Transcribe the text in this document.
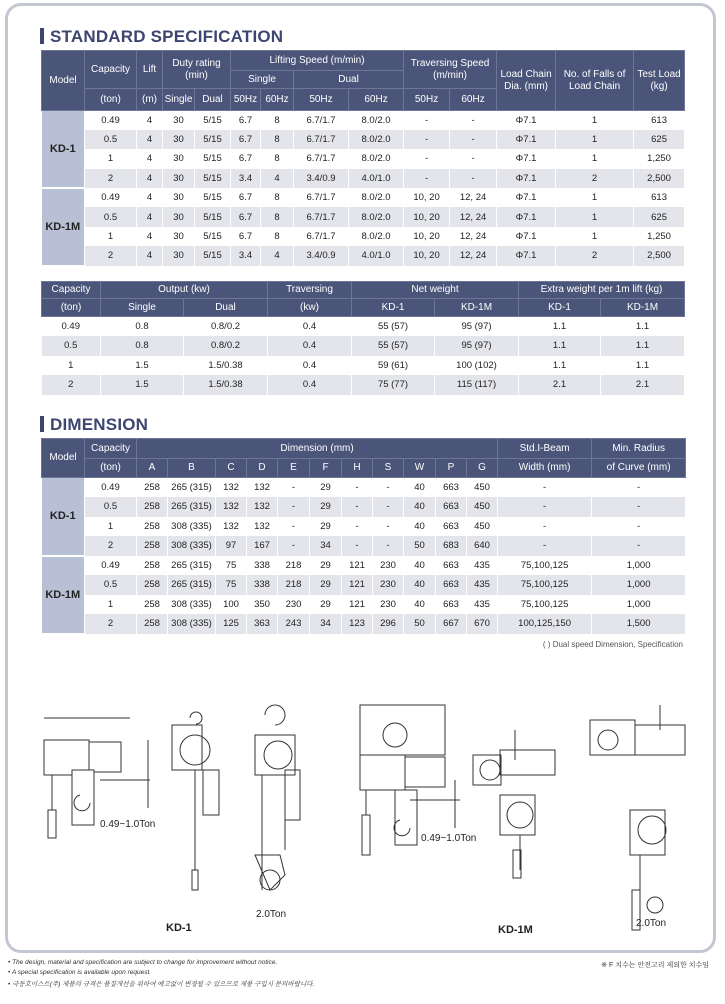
STANDARD SPECIFICATION
Model	Capacity	Lift	Duty rating (min)		Lifting Speed (m/min)				Traversing Speed (m/min)		Load Chain Dia. (mm)	No. of Falls of Load Chain	Test Load (kg)
					Single		Dual						
	(ton)	(m)	Single	Dual	50Hz	60Hz	50Hz	60Hz	50Hz	60Hz			
KD-1	0.49	4	30	5/15	6.7	8	6.7/1.7	8.0/2.0	-	-	Φ7.1	1	613
	0.5	4	30	5/15	6.7	8	6.7/1.7	8.0/2.0	-	-	Φ7.1	1	625
	1	4	30	5/15	6.7	8	6.7/1.7	8.0/2.0	-	-	Φ7.1	1	1,250
	2	4	30	5/15	3.4	4	3.4/0.9	4.0/1.0	-	-	Φ7.1	2	2,500
KD-1M	0.49	4	30	5/15	6.7	8	6.7/1.7	8.0/2.0	10, 20	12, 24	Φ7.1	1	613
	0.5	4	30	5/15	6.7	8	6.7/1.7	8.0/2.0	10, 20	12, 24	Φ7.1	1	625
	1	4	30	5/15	6.7	8	6.7/1.7	8.0/2.0	10, 20	12, 24	Φ7.1	1	1,250
	2	4	30	5/15	3.4	4	3.4/0.9	4.0/1.0	10, 20	12, 24	Φ7.1	2	2,500
Capacity	Output (kw)		Traversing	Net weight		Extra weight per 1m lift (kg)	
(ton)	Single	Dual	(kw)	KD-1	KD-1M	KD-1	KD-1M
0.49	0.8	0.8/0.2	0.4	55 (57)	95 (97)	1.1	1.1
0.5	0.8	0.8/0.2	0.4	55 (57)	95 (97)	1.1	1.1
1	1.5	1.5/0.38	0.4	59 (61)	100 (102)	1.1	1.1
2	1.5	1.5/0.38	0.4	75 (77)	115 (117)	2.1	2.1
DIMENSION
Model	Capacity	Dimension (mm)											Std.I-Beam	Min. Radius
	(ton)	A	B	C	D	E	F	H	S	W	P	G	Width (mm)	of Curve (mm)
KD-1	0.49	258	265 (315)	132	132	-	29	-	-	40	663	450	-	-
	0.5	258	265 (315)	132	132	-	29	-	-	40	663	450	-	-
	1	258	308 (335)	132	132	-	29	-	-	40	663	450	-	-
	2	258	308 (335)	97	167	-	34	-	-	50	683	640	-	-
KD-1M	0.49	258	265 (315)	75	338	218	29	121	230	40	663	435	75,100,125	1,000
	0.5	258	265 (315)	75	338	218	29	121	230	40	663	435	75,100,125	1,000
	1	258	308 (335)	100	350	230	29	121	230	40	663	435	75,100,125	1,000
	2	258	308 (335)	125	363	243	34	123	296	50	667	670	100,125,150	1,500
( ) Dual speed Dimension, Specification
0.49~1.0Ton
2.0Ton
KD-1
0.49~1.0Ton
2.0Ton
KD-1M
• The design, material and specification are subject to change for improvement without notice.
• A special specification is available upon request.
• 극동호이스트(주) 제품의 규격은 품질개선을 위하여 예고없이 변경될 수 있으므로 제품 구입시 문의바랍니다.
※ F 치수는 안전고리 제외한 치수임
